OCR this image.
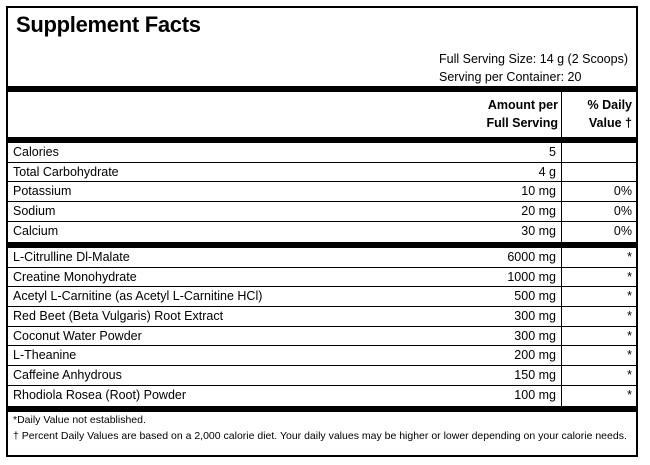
Supplement Facts
Full Serving Size: 14 g (2 Scoops)
Serving per Container: 20
Amount per
Full Serving
% Daily
Value †
Calories	5
Total Carbohydrate	4 g
Potassium	10 mg	0%
Sodium	20 mg	0%
Calcium	30 mg	0%
L-Citrulline Dl-Malate	6000 mg	*
Creatine Monohydrate	1000 mg	*
Acetyl L-Carnitine (as Acetyl L-Carnitine HCl)	500 mg	*
Red Beet (Beta Vulgaris) Root Extract	300 mg	*
Coconut Water Powder	300 mg	*
L-Theanine	200 mg	*
Caffeine Anhydrous	150 mg	*
Rhodiola Rosea (Root) Powder	100 mg	*

*Daily Value not established.

† Percent Daily Values are based on a 2,000 calorie diet. Your daily values may be higher or lower depending on your calorie needs.
